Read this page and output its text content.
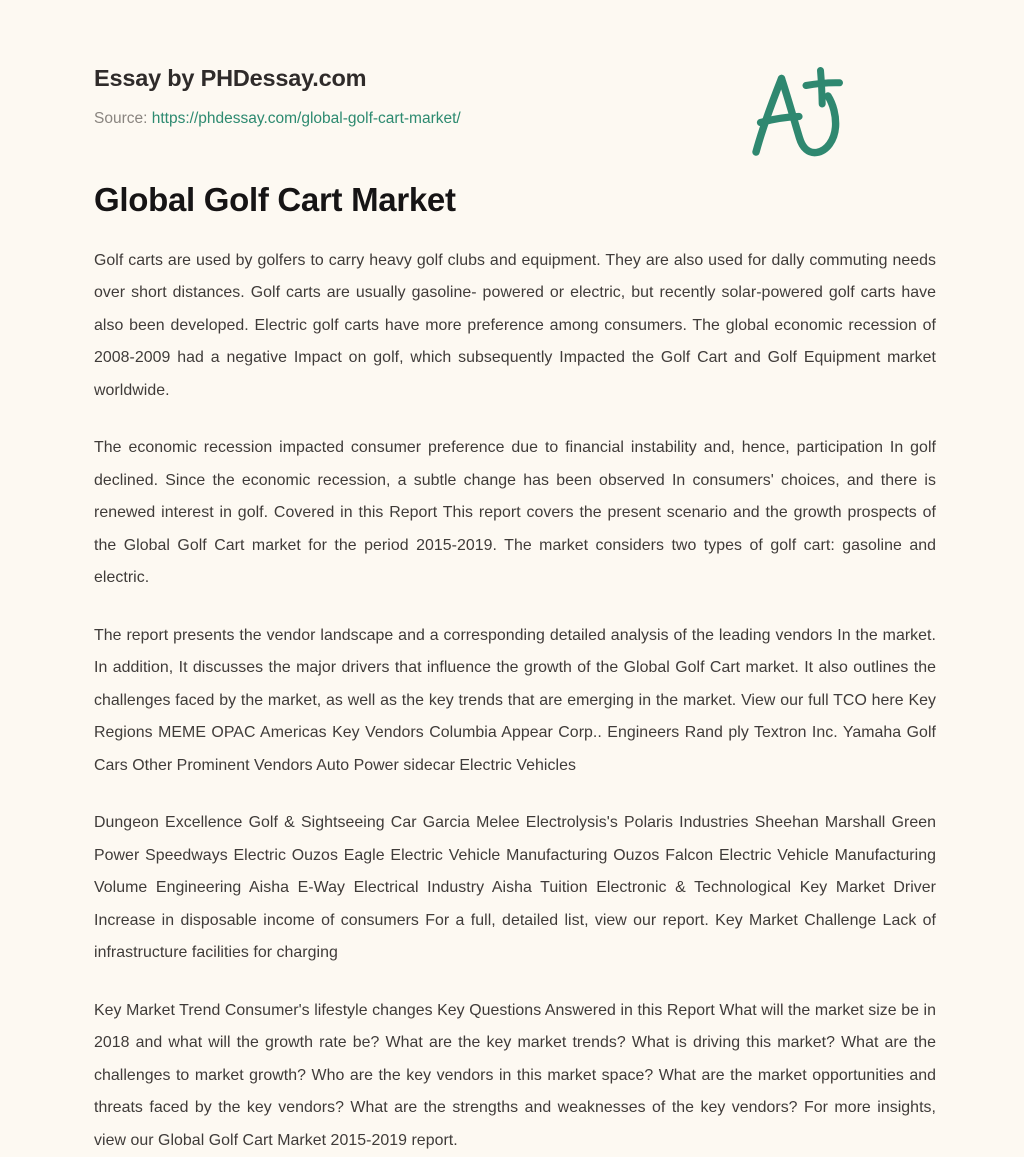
Essay by PHDessay.com
Source: https://phdessay.com/global-golf-cart-market/
Global Golf Cart Market

Golf carts are used by golfers to carry heavy golf clubs and equipment. They are also used for dally commuting needs over short distances. Golf carts are usually gasoline- powered or electric, but recently solar-powered golf carts have also been developed. Electric golf carts have more preference among consumers. The global economic recession of 2008-2009 had a negative Impact on golf, which subsequently Impacted the Golf Cart and Golf Equipment market worldwide.

The economic recession impacted consumer preference due to financial instability and, hence, participation In golf declined. Since the economic recession, a subtle change has been observed In consumers' choices, and there is renewed interest in golf. Covered in this Report This report covers the present scenario and the growth prospects of the Global Golf Cart market for the period 2015-2019. The market considers two types of golf cart: gasoline and electric.

The report presents the vendor landscape and a corresponding detailed analysis of the leading vendors In the market. In addition, It discusses the major drivers that influence the growth of the Global Golf Cart market. It also outlines the challenges faced by the market, as well as the key trends that are emerging in the market. View our full TCO here Key Regions MEME OPAC Americas Key Vendors Columbia Appear Corp.. Engineers Rand ply Textron Inc. Yamaha Golf Cars Other Prominent Vendors Auto Power sidecar Electric Vehicles

Dungeon Excellence Golf & Sightseeing Car Garcia Melee Electrolysis's Polaris Industries Sheehan Marshall Green Power Speedways Electric Ouzos Eagle Electric Vehicle Manufacturing Ouzos Falcon Electric Vehicle Manufacturing Volume Engineering Aisha E-Way Electrical Industry Aisha Tuition Electronic & Technological Key Market Driver Increase in disposable income of consumers For a full, detailed list, view our report. Key Market Challenge Lack of infrastructure facilities for charging

Key Market Trend Consumer's lifestyle changes Key Questions Answered in this Report What will the market size be in 2018 and what will the growth rate be? What are the key market trends? What is driving this market? What are the challenges to market growth? Who are the key vendors in this market space? What are the market opportunities and threats faced by the key vendors? What are the strengths and weaknesses of the key vendors? For more insights, view our Global Golf Cart Market 2015-2019 report.
